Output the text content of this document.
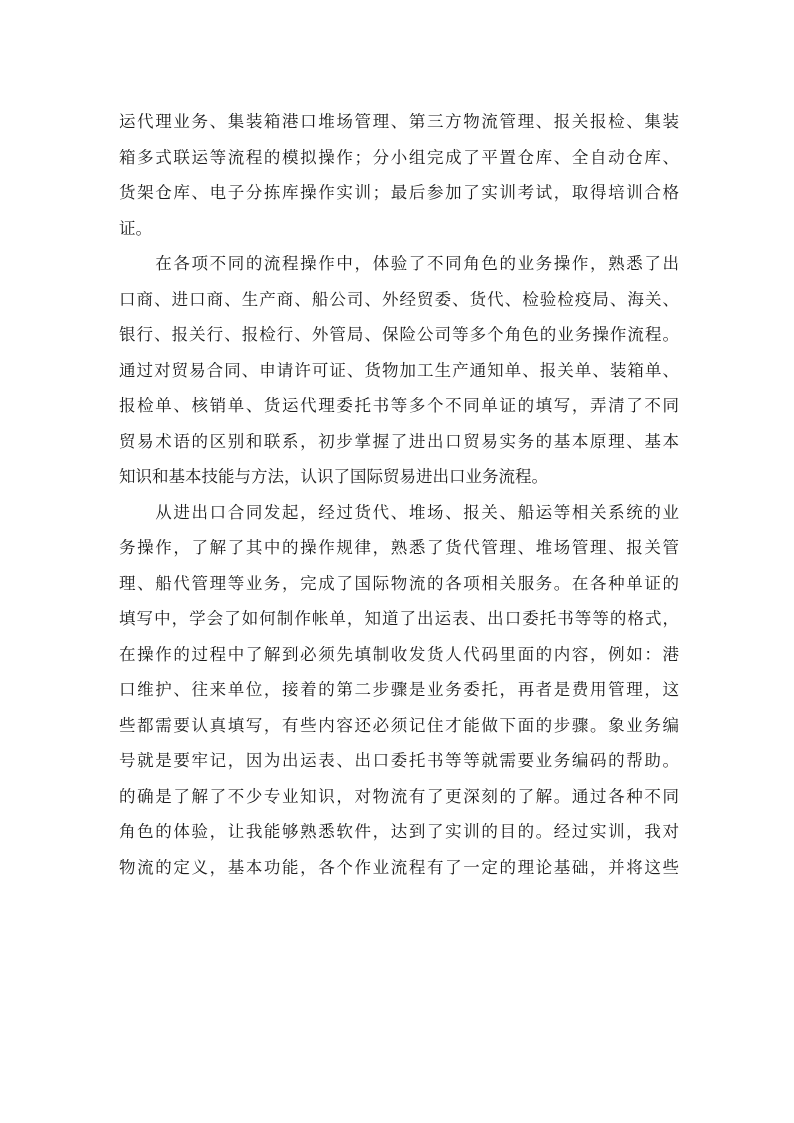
运代理业务、集装箱港口堆场管理、第三方物流管理、报关报检、集装
箱多式联运等流程的模拟操作；分小组完成了平置仓库、全自动仓库、
货架仓库、电子分拣库操作实训；最后参加了实训考试，取得培训合格
证。
　　在各项不同的流程操作中，体验了不同角色的业务操作，熟悉了出
口商、进口商、生产商、船公司、外经贸委、货代、检验检疫局、海关、
银行、报关行、报检行、外管局、保险公司等多个角色的业务操作流程。
通过对贸易合同、申请许可证、货物加工生产通知单、报关单、装箱单、
报检单、核销单、货运代理委托书等多个不同单证的填写，弄清了不同
贸易术语的区别和联系，初步掌握了进出口贸易实务的基本原理、基本
知识和基本技能与方法，认识了国际贸易进出口业务流程。
　　从进出口合同发起，经过货代、堆场、报关、船运等相关系统的业
务操作，了解了其中的操作规律，熟悉了货代管理、堆场管理、报关管
理、船代管理等业务，完成了国际物流的各项相关服务。在各种单证的
填写中，学会了如何制作帐单，知道了出运表、出口委托书等等的格式，
在操作的过程中了解到必须先填制收发货人代码里面的内容，例如：港
口维护、往来单位，接着的第二步骤是业务委托，再者是费用管理，这
些都需要认真填写，有些内容还必须记住才能做下面的步骤。象业务编
号就是要牢记，因为出运表、出口委托书等等就需要业务编码的帮助。
的确是了解了不少专业知识，对物流有了更深刻的了解。通过各种不同
角色的体验，让我能够熟悉软件，达到了实训的目的。经过实训，我对
物流的定义，基本功能，各个作业流程有了一定的理论基础，并将这些
